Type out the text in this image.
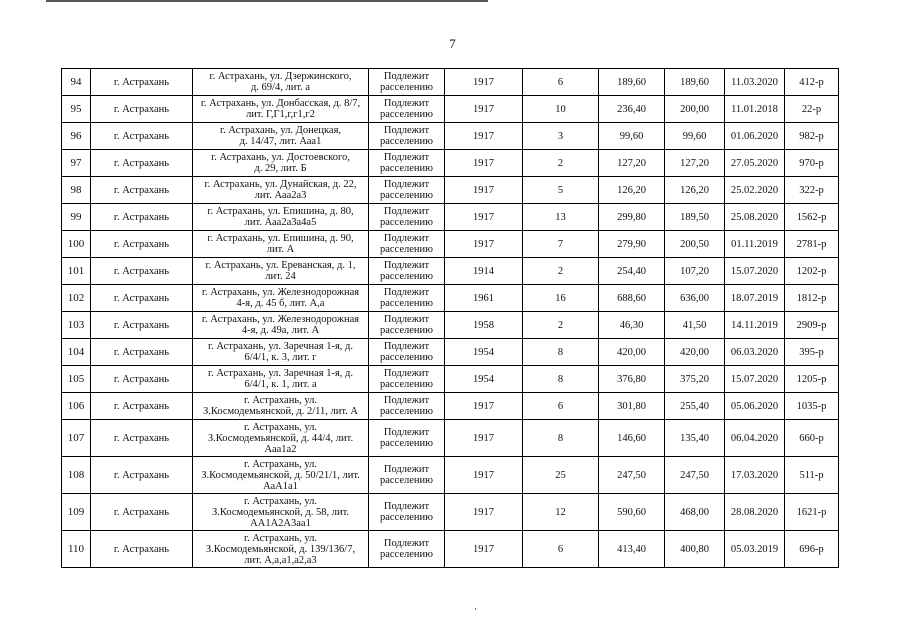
7
94	г. Астрахань	г. Астрахань, ул. Дзержинского,
д. 69/4, лит. а	Подлежит
расселению	1917	6	189,60	189,60	11.03.2020	412-р
95	г. Астрахань	г. Астрахань, ул. Донбасская, д. 8/7,
лит. Г,Г1,г,г1,г2	Подлежит
расселению	1917	10	236,40	200,00	11.01.2018	22-р
96	г. Астрахань	г. Астрахань, ул. Донецкая,
д. 14/47, лит. Ааа1	Подлежит
расселению	1917	3	99,60	99,60	01.06.2020	982-р
97	г. Астрахань	г. Астрахань, ул. Достоевского,
д. 29, лит. Б	Подлежит
расселению	1917	2	127,20	127,20	27.05.2020	970-р
98	г. Астрахань	г. Астрахань, ул. Дунайская, д. 22,
лит. Ааа2а3	Подлежит
расселению	1917	5	126,20	126,20	25.02.2020	322-р
99	г. Астрахань	г. Астрахань, ул. Епишина, д. 80,
лит. Ааа2а3а4а5	Подлежит
расселению	1917	13	299,80	189,50	25.08.2020	1562-р
100	г. Астрахань	г. Астрахань, ул. Епишина, д. 90,
лит. А	Подлежит
расселению	1917	7	279,90	200,50	01.11.2019	2781-р
101	г. Астрахань	г. Астрахань, ул. Ереванская, д. 1,
лит. 24	Подлежит
расселению	1914	2	254,40	107,20	15.07.2020	1202-р
102	г. Астрахань	г. Астрахань, ул. Железнодорожная
4-я, д. 45 б, лит. А,а	Подлежит
расселению	1961	16	688,60	636,00	18.07.2019	1812-р
103	г. Астрахань	г. Астрахань, ул. Железнодорожная
4-я, д. 49а, лит. А	Подлежит
расселению	1958	2	46,30	41,50	14.11.2019	2909-р
104	г. Астрахань	г. Астрахань, ул. Заречная 1-я, д.
6/4/1, к. 3, лит. г	Подлежит
расселению	1954	8	420,00	420,00	06.03.2020	395-р
105	г. Астрахань	г. Астрахань, ул. Заречная 1-я, д.
6/4/1, к. 1, лит. а	Подлежит
расселению	1954	8	376,80	375,20	15.07.2020	1205-р
106	г. Астрахань	г. Астрахань, ул.
З.Космодемьянской, д. 2/11, лит. А	Подлежит
расселению	1917	6	301,80	255,40	05.06.2020	1035-р
107	г. Астрахань	г. Астрахань, ул.
З.Космодемьянской, д. 44/4, лит.
Ааа1а2	Подлежит
расселению	1917	8	146,60	135,40	06.04.2020	660-р
108	г. Астрахань	г. Астрахань, ул.
З.Космодемьянской, д. 50/21/1, лит.
АаА1а1	Подлежит
расселению	1917	25	247,50	247,50	17.03.2020	511-р
109	г. Астрахань	г. Астрахань, ул.
З.Космодемьянской, д. 58, лит.
АА1А2А3аа1	Подлежит
расселению	1917	12	590,60	468,00	28.08.2020	1621-р
110	г. Астрахань	г. Астрахань, ул.
З.Космодемьянской, д. 139/136/7,
лит. А,а,а1,а2,а3	Подлежит
расселению	1917	6	413,40	400,80	05.03.2019	696-р
